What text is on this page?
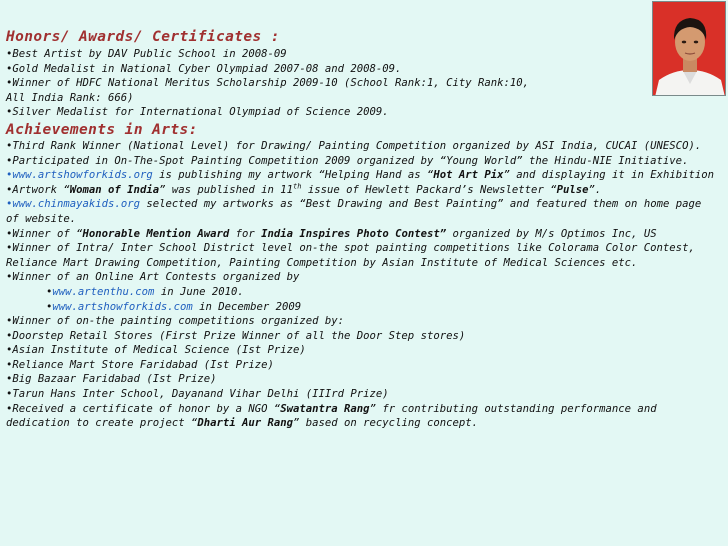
Honors/ Awards/ Certificates :

•Best Artist by DAV Public School in 2008-09

•Gold Medalist in National Cyber Olympiad 2007-08 and 2008-09.

•Winner of HDFC National Meritus Scholarship 2009-10 (School Rank:1, City Rank:10,

All India Rank: 666)

•Silver Medalist for International Olympiad of Science 2009.

Achievements in Arts:

•Third Rank Winner (National Level) for Drawing/ Painting Competition organized by ASI India, CUCAI (UNESCO).

•Participated in On-The-Spot Painting Competition 2009 organized by “Young World” the Hindu-NIE Initiative.

•www.artshowforkids.org is publishing my artwork “Helping Hand as “Hot Art Pix” and displaying it in Exhibition

•Artwork “Woman of India” was published in 11th issue of Hewlett Packard’s Newsletter “Pulse”.

•www.chinmayakids.org selected my artworks as “Best Drawing and Best Painting” and featured them on home page of website.

•Winner of “Honorable Mention Award for India Inspires Photo Contest” organized by M/s Optimos Inc, US

•Winner of Intra/ Inter School District level on-the spot painting competitions like Colorama Color Contest, Reliance Mart Drawing Competition, Painting Competition by Asian Institute of Medical Sciences etc.

•Winner of an Online Art Contests organized by

•www.artenthu.com in June 2010.

•www.artshowforkids.com in December 2009

•Winner of on-the painting competitions organized by:

•Doorstep Retail Stores (First Prize Winner of all the Door Step stores)

•Asian Institute of Medical Science (Ist Prize)

•Reliance Mart Store Faridabad (Ist Prize)

•Big Bazaar Faridabad (Ist Prize)

•Tarun Hans Inter School, Dayanand Vihar Delhi (IIIrd Prize)

•Received a certificate of honor by a NGO “Swatantra Rang” fr contributing outstanding performance and dedication to create project “Dharti Aur Rang” based on recycling concept.
